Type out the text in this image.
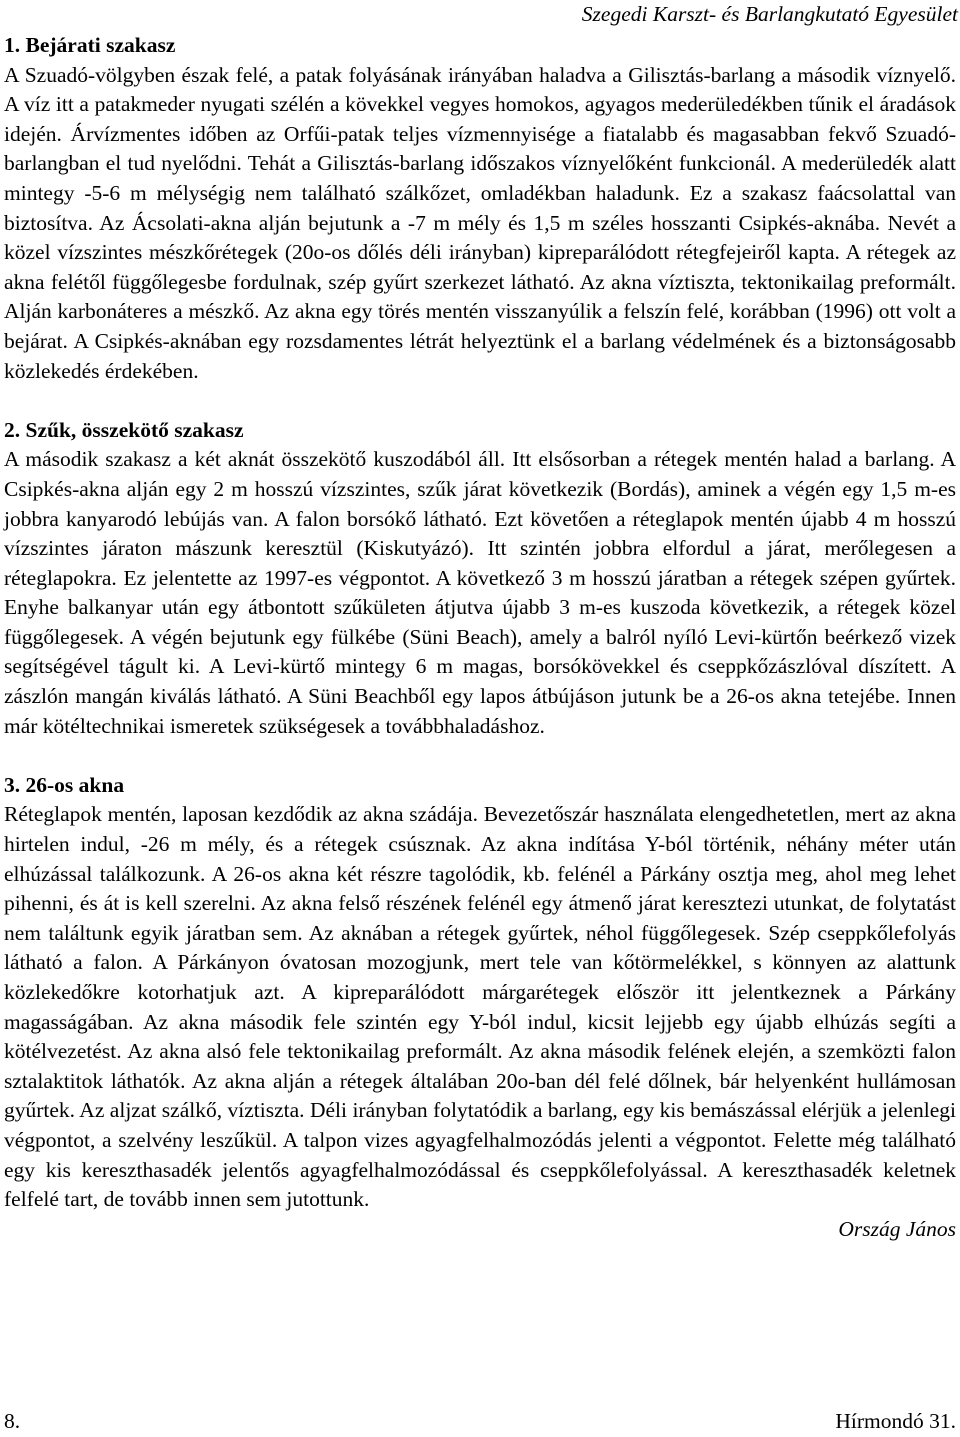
Szegedi Karszt- és Barlangkutató Egyesület

1. Bejárati szakasz

A Szuadó-völgyben észak felé, a patak folyásának irányában haladva a Gilisztás-barlang a második víznyelő. A víz itt a patakmeder nyugati szélén a kövekkel vegyes homokos, agyagos mederüledékben tűnik el áradások idején. Árvízmentes időben az Orfűi-patak teljes vízmennyisége a fiatalabb és magasabban fekvő Szuadó-barlangban el tud nyelődni. Tehát a Gilisztás-barlang időszakos víznyelőként funkcionál. A mederüledék alatt mintegy -5-6 m mélységig nem található szálkőzet, omladékban haladunk. Ez a szakasz faácsolattal van biztosítva. Az Ácsolati-akna alján bejutunk a -7 m mély és 1,5 m széles hosszanti Csipkés-aknába. Nevét a közel vízszintes mészkőrétegek (20o-os dőlés déli irányban) kipreparálódott rétegfejeiről kapta. A rétegek az akna felétől függőlegesbe fordulnak, szép gyűrt szerkezet látható. Az akna víztiszta, tektonikailag preformált. Alján karbonáteres a mészkő. Az akna egy törés mentén visszanyúlik a felszín felé, korábban (1996) ott volt a bejárat. A Csipkés-aknában egy rozsdamentes létrát helyeztünk el a barlang védelmének és a biztonságosabb közlekedés érdekében.

2. Szűk, összekötő szakasz

A második szakasz a két aknát összekötő kuszodából áll. Itt elsősorban a rétegek mentén halad a barlang. A Csipkés-akna alján egy 2 m hosszú vízszintes, szűk járat következik (Bordás), aminek a végén egy 1,5 m-es jobbra kanyarodó lebújás van. A falon borsókő látható. Ezt követően a réteglapok mentén újabb 4 m hosszú vízszintes járaton mászunk keresztül (Kiskutyázó). Itt szintén jobbra elfordul a járat, merőlegesen a réteglapokra. Ez jelentette az 1997-es végpontot. A következő 3 m hosszú járatban a rétegek szépen gyűrtek. Enyhe balkanyar után egy átbontott szűkületen átjutva újabb 3 m-es kuszoda következik, a rétegek közel függőlegesek. A végén bejutunk egy fülkébe (Süni Beach), amely a balról nyíló Levi-kürtőn beérkező vizek segítségével tágult ki. A Levi-kürtő mintegy 6 m magas, borsókövekkel és cseppkőzászlóval díszített. A zászlón mangán kiválás látható. A Süni Beachből egy lapos átbújáson jutunk be a 26-os akna tetejébe. Innen már kötéltechnikai ismeretek szükségesek a továbbhaladáshoz.

3. 26-os akna

Réteglapok mentén, laposan kezdődik az akna szádája. Bevezetőszár használata elengedhetetlen, mert az akna hirtelen indul, -26 m mély, és a rétegek csúsznak. Az akna indítása Y-ból történik, néhány méter után elhúzással találkozunk. A 26-os akna két részre tagolódik, kb. felénél a Párkány osztja meg, ahol meg lehet pihenni, és át is kell szerelni. Az akna felső részének felénél egy átmenő járat keresztezi utunkat, de folytatást nem találtunk egyik járatban sem. Az aknában a rétegek gyűrtek, néhol függőlegesek. Szép cseppkőlefolyás látható a falon. A Párkányon óvatosan mozogjunk, mert tele van kőtörmelékkel, s könnyen az alattunk közlekedőkre kotorhatjuk azt. A kipreparálódott márgarétegek először itt jelentkeznek a Párkány magasságában. Az akna második fele szintén egy Y-ból indul, kicsit lejjebb egy újabb elhúzás segíti a kötélvezetést. Az akna alsó fele tektonikailag preformált. Az akna második felének elején, a szemközti falon sztalaktitok láthatók. Az akna alján a rétegek általában 20o-ban dél felé dőlnek, bár helyenként hullámosan gyűrtek. Az aljzat szálkő, víztiszta. Déli irányban folytatódik a barlang, egy kis bemászással elérjük a jelenlegi végpontot, a szelvény leszűkül. A talpon vizes agyagfelhalmozódás jelenti a végpontot. Felette még található egy kis kereszthasadék jelentős agyagfelhalmozódással és cseppkőlefolyással. A kereszthasadék keletnek felfelé tart, de tovább innen sem jutottunk.

Ország János

8.	Hírmondó 31.
